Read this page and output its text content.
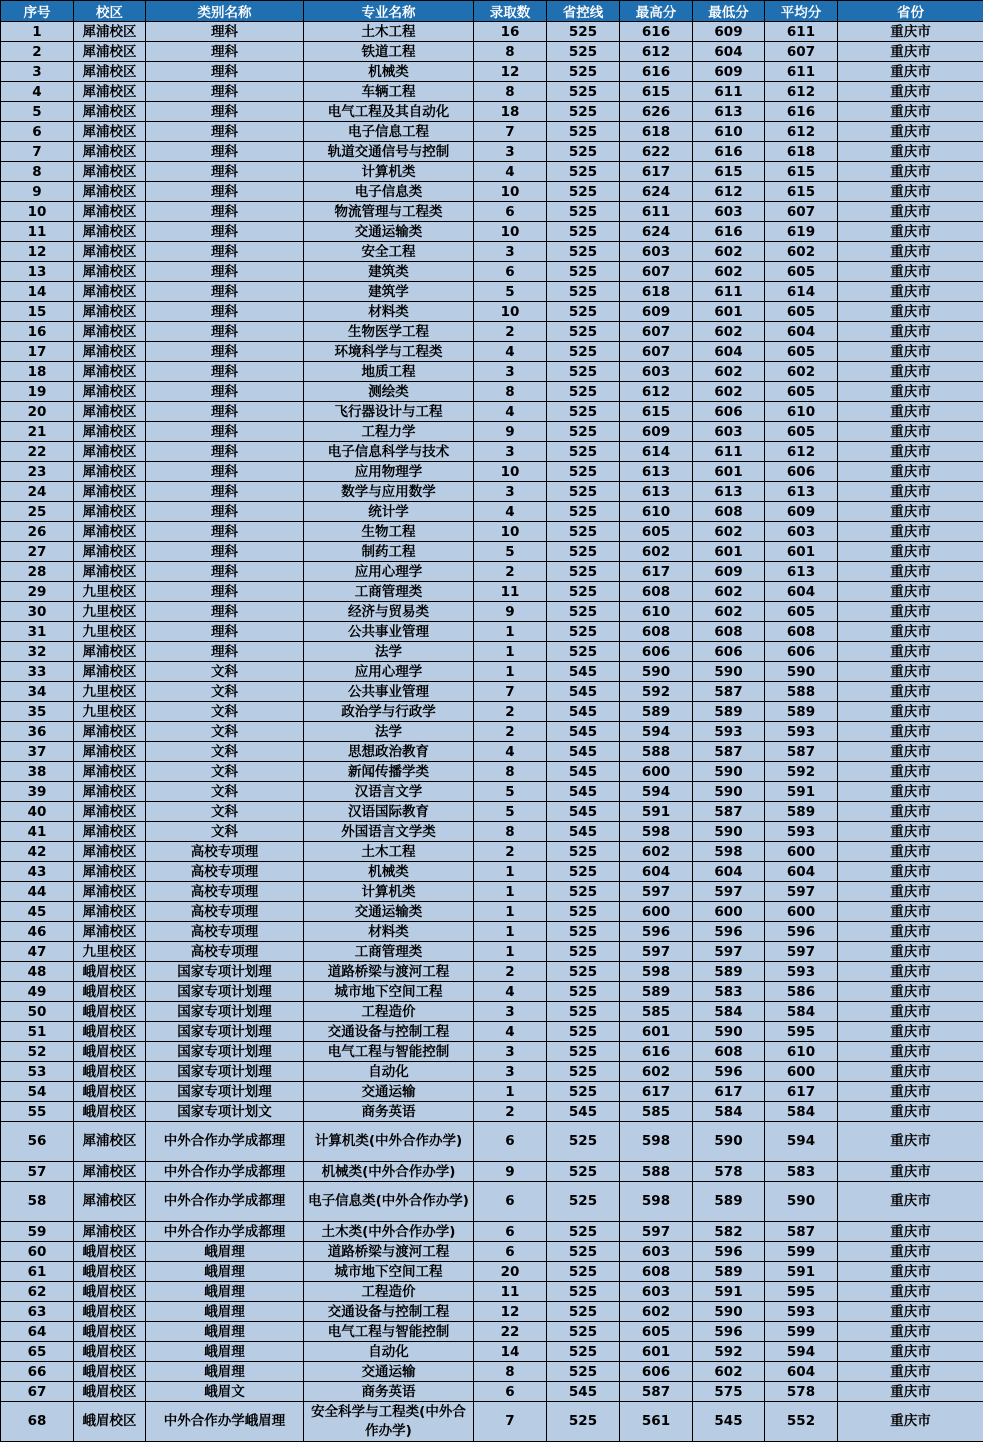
序号	校区	类别名称	专业名称	录取数	省控线	最高分	最低分	平均分	省份
1	犀浦校区	理科	土木工程	16	525	616	609	611	重庆市
2	犀浦校区	理科	铁道工程	8	525	612	604	607	重庆市
3	犀浦校区	理科	机械类	12	525	616	609	611	重庆市
4	犀浦校区	理科	车辆工程	8	525	615	611	612	重庆市
5	犀浦校区	理科	电气工程及其自动化	18	525	626	613	616	重庆市
6	犀浦校区	理科	电子信息工程	7	525	618	610	612	重庆市
7	犀浦校区	理科	轨道交通信号与控制	3	525	622	616	618	重庆市
8	犀浦校区	理科	计算机类	4	525	617	615	615	重庆市
9	犀浦校区	理科	电子信息类	10	525	624	612	615	重庆市
10	犀浦校区	理科	物流管理与工程类	6	525	611	603	607	重庆市
11	犀浦校区	理科	交通运输类	10	525	624	616	619	重庆市
12	犀浦校区	理科	安全工程	3	525	603	602	602	重庆市
13	犀浦校区	理科	建筑类	6	525	607	602	605	重庆市
14	犀浦校区	理科	建筑学	5	525	618	611	614	重庆市
15	犀浦校区	理科	材料类	10	525	609	601	605	重庆市
16	犀浦校区	理科	生物医学工程	2	525	607	602	604	重庆市
17	犀浦校区	理科	环境科学与工程类	4	525	607	604	605	重庆市
18	犀浦校区	理科	地质工程	3	525	603	602	602	重庆市
19	犀浦校区	理科	测绘类	8	525	612	602	605	重庆市
20	犀浦校区	理科	飞行器设计与工程	4	525	615	606	610	重庆市
21	犀浦校区	理科	工程力学	9	525	609	603	605	重庆市
22	犀浦校区	理科	电子信息科学与技术	3	525	614	611	612	重庆市
23	犀浦校区	理科	应用物理学	10	525	613	601	606	重庆市
24	犀浦校区	理科	数学与应用数学	3	525	613	613	613	重庆市
25	犀浦校区	理科	统计学	4	525	610	608	609	重庆市
26	犀浦校区	理科	生物工程	10	525	605	602	603	重庆市
27	犀浦校区	理科	制药工程	5	525	602	601	601	重庆市
28	犀浦校区	理科	应用心理学	2	525	617	609	613	重庆市
29	九里校区	理科	工商管理类	11	525	608	602	604	重庆市
30	九里校区	理科	经济与贸易类	9	525	610	602	605	重庆市
31	九里校区	理科	公共事业管理	1	525	608	608	608	重庆市
32	犀浦校区	理科	法学	1	525	606	606	606	重庆市
33	犀浦校区	文科	应用心理学	1	545	590	590	590	重庆市
34	九里校区	文科	公共事业管理	7	545	592	587	588	重庆市
35	九里校区	文科	政治学与行政学	2	545	589	589	589	重庆市
36	犀浦校区	文科	法学	2	545	594	593	593	重庆市
37	犀浦校区	文科	思想政治教育	4	545	588	587	587	重庆市
38	犀浦校区	文科	新闻传播学类	8	545	600	590	592	重庆市
39	犀浦校区	文科	汉语言文学	5	545	594	590	591	重庆市
40	犀浦校区	文科	汉语国际教育	5	545	591	587	589	重庆市
41	犀浦校区	文科	外国语言文学类	8	545	598	590	593	重庆市
42	犀浦校区	高校专项理	土木工程	2	525	602	598	600	重庆市
43	犀浦校区	高校专项理	机械类	1	525	604	604	604	重庆市
44	犀浦校区	高校专项理	计算机类	1	525	597	597	597	重庆市
45	犀浦校区	高校专项理	交通运输类	1	525	600	600	600	重庆市
46	犀浦校区	高校专项理	材料类	1	525	596	596	596	重庆市
47	九里校区	高校专项理	工商管理类	1	525	597	597	597	重庆市
48	峨眉校区	国家专项计划理	道路桥梁与渡河工程	2	525	598	589	593	重庆市
49	峨眉校区	国家专项计划理	城市地下空间工程	4	525	589	583	586	重庆市
50	峨眉校区	国家专项计划理	工程造价	3	525	585	584	584	重庆市
51	峨眉校区	国家专项计划理	交通设备与控制工程	4	525	601	590	595	重庆市
52	峨眉校区	国家专项计划理	电气工程与智能控制	3	525	616	608	610	重庆市
53	峨眉校区	国家专项计划理	自动化	3	525	602	596	600	重庆市
54	峨眉校区	国家专项计划理	交通运输	1	525	617	617	617	重庆市
55	峨眉校区	国家专项计划文	商务英语	2	545	585	584	584	重庆市
56	犀浦校区	中外合作办学成都理	计算机类(中外合作办学)	6	525	598	590	594	重庆市
57	犀浦校区	中外合作办学成都理	机械类(中外合作办学)	9	525	588	578	583	重庆市
58	犀浦校区	中外合作办学成都理	电子信息类(中外合作办学)	6	525	598	589	590	重庆市
59	犀浦校区	中外合作办学成都理	土木类(中外合作办学)	6	525	597	582	587	重庆市
60	峨眉校区	峨眉理	道路桥梁与渡河工程	6	525	603	596	599	重庆市
61	峨眉校区	峨眉理	城市地下空间工程	20	525	608	589	591	重庆市
62	峨眉校区	峨眉理	工程造价	11	525	603	591	595	重庆市
63	峨眉校区	峨眉理	交通设备与控制工程	12	525	602	590	593	重庆市
64	峨眉校区	峨眉理	电气工程与智能控制	22	525	605	596	599	重庆市
65	峨眉校区	峨眉理	自动化	14	525	601	592	594	重庆市
66	峨眉校区	峨眉理	交通运输	8	525	606	602	604	重庆市
67	峨眉校区	峨眉文	商务英语	6	545	587	575	578	重庆市
68	峨眉校区	中外合作办学峨眉理	安全科学与工程类(中外合作办学)	7	525	561	545	552	重庆市
